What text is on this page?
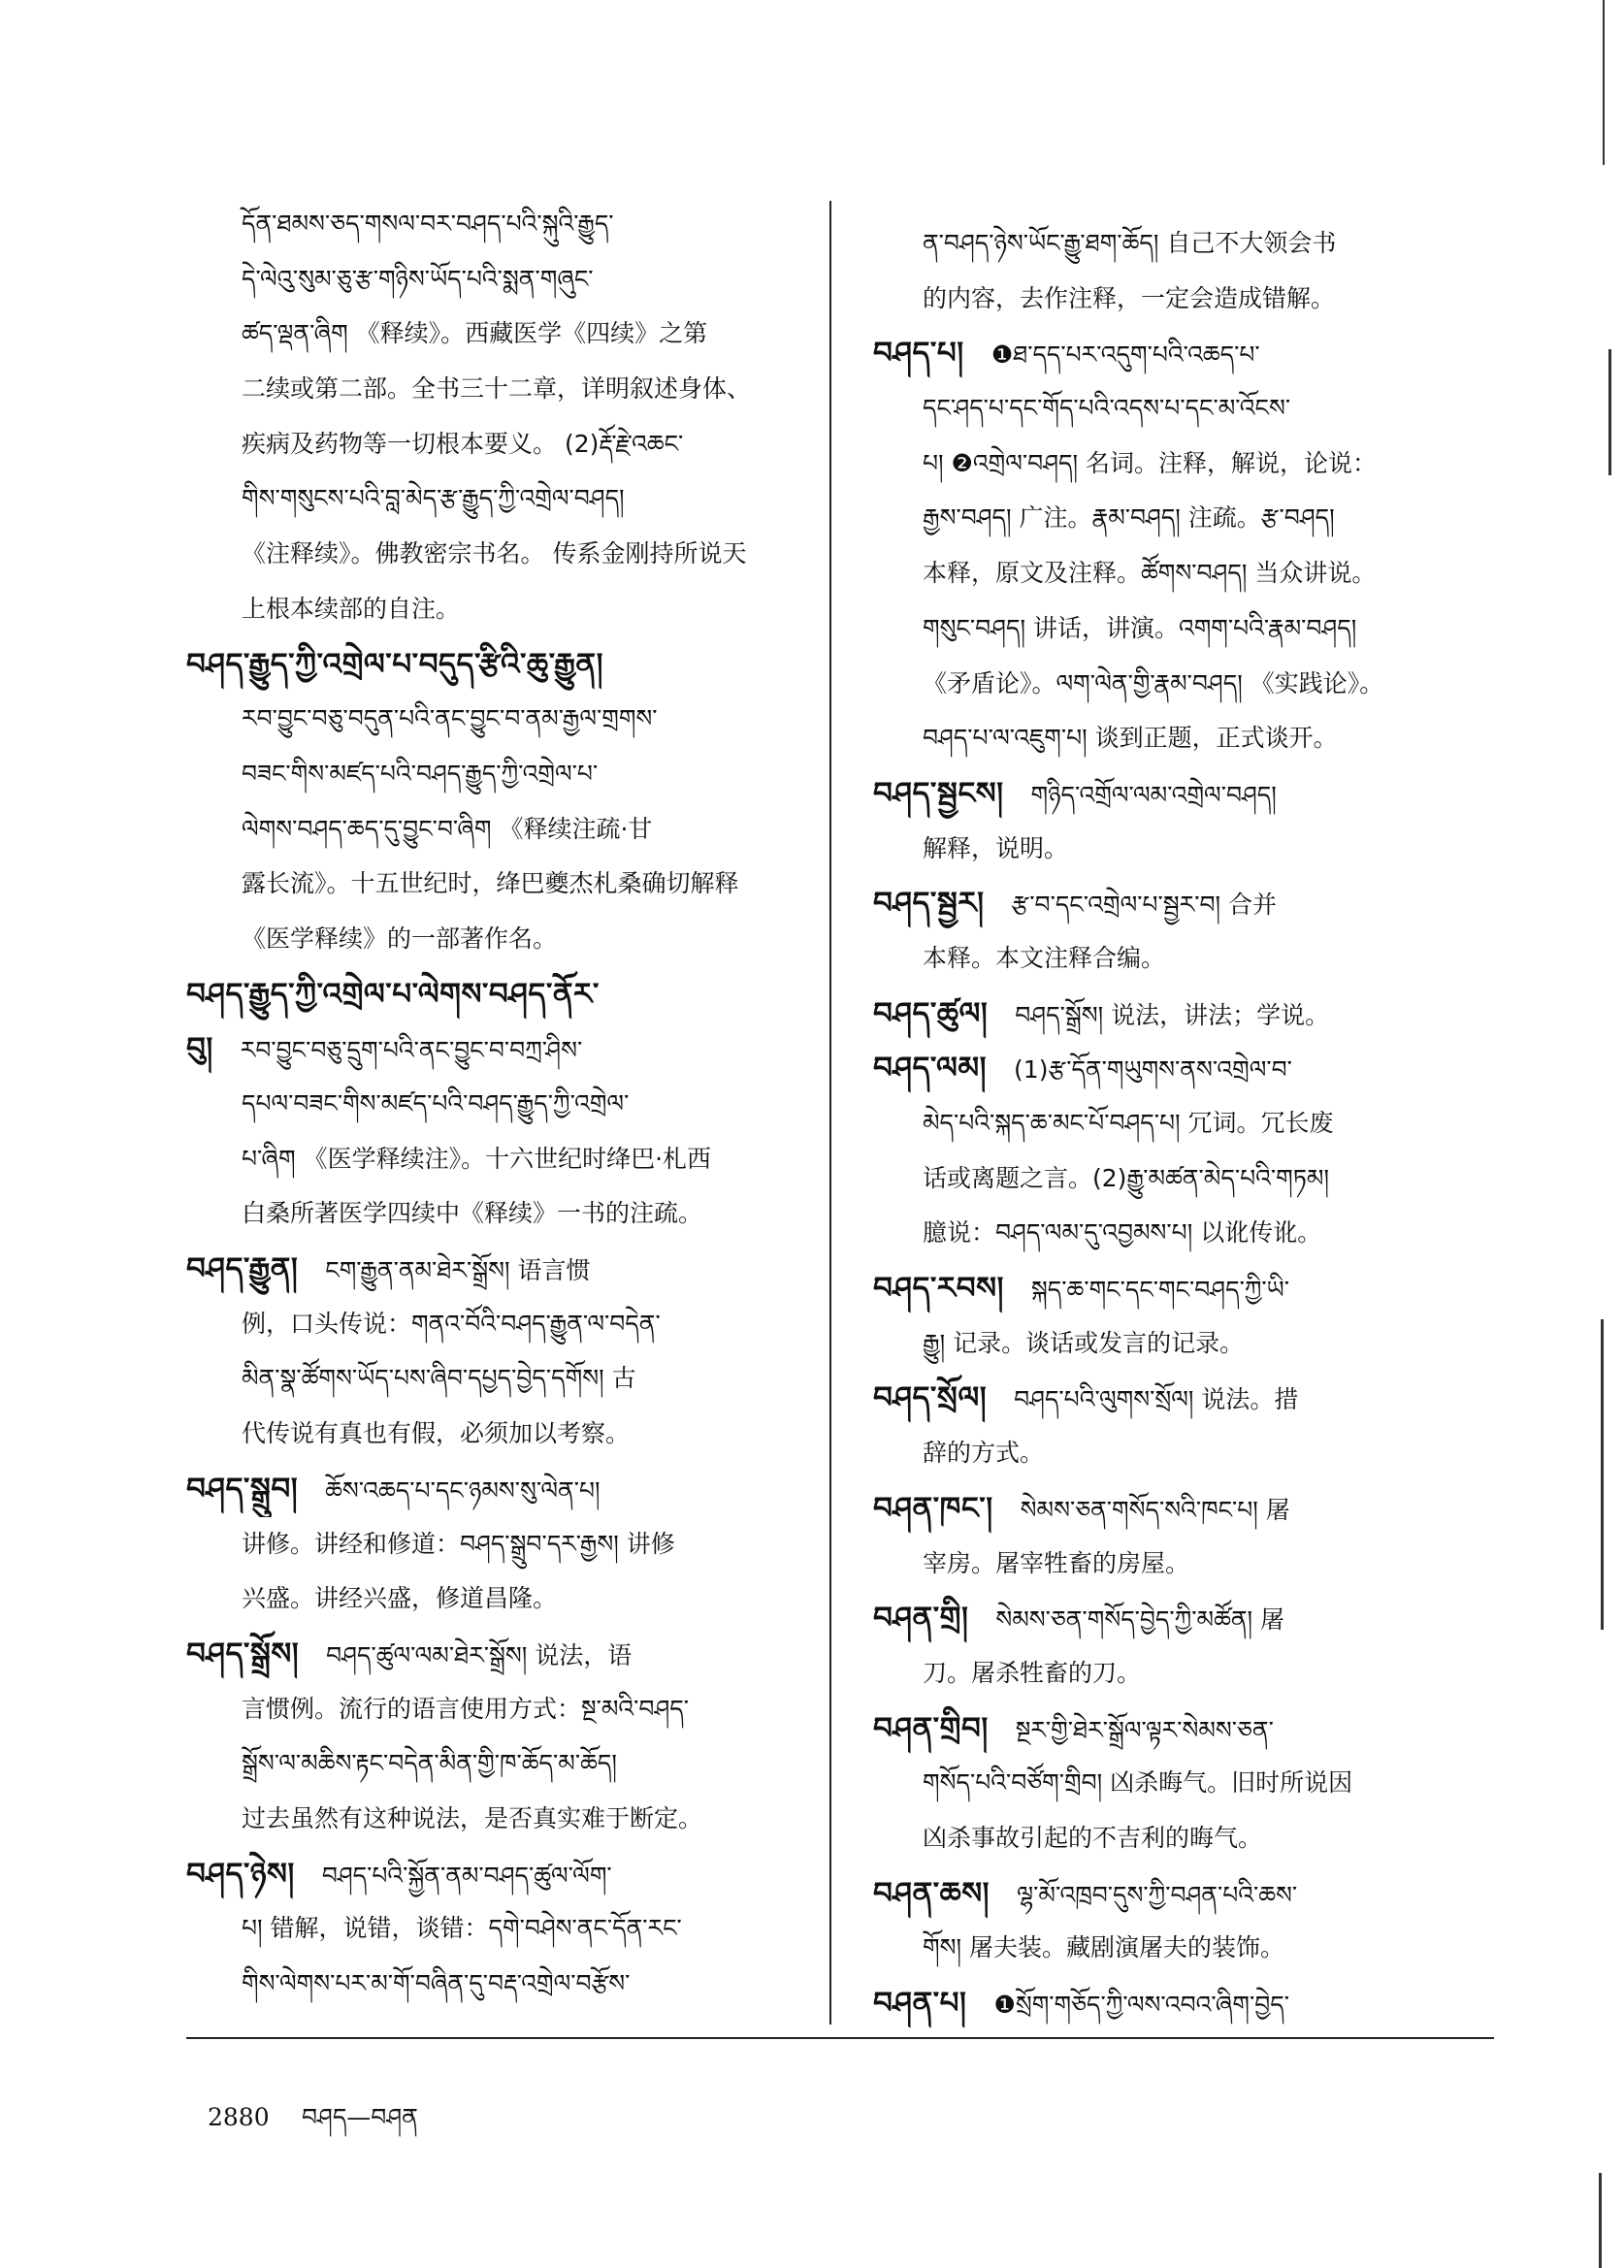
དོན་ཐམས་ཅད་གསལ་བར་བཤད་པའི་སྐུའི་རྒྱུད་
དེ་ལེའུ་སུམ་ཅུ་རྩ་གཉིས་ཡོད་པའི་སྨན་གཞུང་
ཚད་ལྡན་ཞིག 《释续》。西藏医学《四续》之第
二续或第二部。全书三十二章，详明叙述身体、
疾病及药物等一切根本要义。 (2)རྡོ་རྗེ་འཆང་
གིས་གསུངས་པའི་བླ་མེད་རྩ་རྒྱུད་ཀྱི་འགྲེལ་བཤད།
《注释续》。佛教密宗书名。 传系金刚持所说天
上根本续部的自注。
བཤད་རྒྱུད་ཀྱི་འགྲེལ་པ་བདུད་རྩིའི་ཆུ་རྒྱུན།
རབ་བྱུང་བཅུ་བདུན་པའི་ནང་བྱུང་བ་ནམ་རྒྱལ་གྲགས་
བཟང་གིས་མཛད་པའི་བཤད་རྒྱུད་ཀྱི་འགྲེལ་པ་
ལེགས་བཤད་ཆད་དུ་བྱུང་བ་ཞིག 《释续注疏·甘
露长流》。十五世纪时，绛巴夔杰札桑确切解释
《医学释续》的一部著作名。
བཤད་རྒྱུད་ཀྱི་འགྲེལ་པ་ལེགས་བཤད་ནོར་
བུ། རབ་བྱུང་བཅུ་དྲུག་པའི་ནང་བྱུང་བ་བཀྲ་ཤིས་
དཔལ་བཟང་གིས་མཛད་པའི་བཤད་རྒྱུད་ཀྱི་འགྲེལ་
པ་ཞིག 《医学释续注》。十六世纪时绛巴·札西
白桑所著医学四续中《释续》一书的注疏。
བཤད་རྒྱུན། ངག་རྒྱུན་ནམ་ཐེར་སྒྲོས། 语言惯
例，口头传说：གནའ་བོའི་བཤད་རྒྱུན་ལ་བདེན་
མིན་སྣ་ཚོགས་ཡོད་པས་ཞིབ་དཔྱད་བྱེད་དགོས། 古
代传说有真也有假，必须加以考察。
བཤད་སྒྲུབ། ཆོས་འཆད་པ་དང་ཉམས་སུ་ལེན་པ།
讲修。讲经和修道：བཤད་སྒྲུབ་དར་རྒྱས། 讲修
兴盛。讲经兴盛，修道昌隆。
བཤད་སྒྲོས། བཤད་ཚུལ་ལམ་ཐེར་སྒྲོས། 说法，语
言惯例。流行的语言使用方式：སྔ་མའི་བཤད་
སྒྲོས་ལ་མཆིས་རྟང་བདེན་མིན་གྱི་ཁ་ཆོད་མ་ཆོད།
过去虽然有这种说法，是否真实难于断定。
བཤད་ཉེས། བཤད་པའི་སྐྱོན་ནམ་བཤད་ཚུལ་ལོག་
པ། 错解，说错，谈错：དགེ་བཤེས་ནང་དོན་རང་
གིས་ལེགས་པར་མ་གོ་བཞིན་དུ་བརྡ་འགྲེལ་བརྩོས་
ན་བཤད་ཉེས་ཡོང་རྒྱུ་ཐག་ཆོད། 自己不大领会书
的内容，去作注释，一定会造成错解。
བཤད་པ། ❶ཐ་དད་པར་འདུག་པའི་འཆད་པ་
དང་ཤད་པ་དང་གོད་པའི་འདས་པ་དང་མ་འོངས་
པ། ❷འགྲེལ་བཤད། 名词。注释，解说，论说：
རྒྱས་བཤད། 广注。རྣམ་བཤད། 注疏。རྩ་བཤད།
本释，原文及注释。ཚོགས་བཤད། 当众讲说。
གསུང་བཤད། 讲话，讲演。འགག་པའི་རྣམ་བཤད།
《矛盾论》。ལག་ལེན་གྱི་རྣམ་བཤད། 《实践论》。
བཤད་པ་ལ་འཇུག་པ། 谈到正题，正式谈开。
བཤད་སྦྱངས། གཉིད་འགྲོལ་ལམ་འགྲེལ་བཤད།
解释，说明。
བཤད་སྦྱར། རྩ་བ་དང་འགྲེལ་པ་སྦྱར་བ། 合并
本释。本文注释合编。
བཤད་ཚུལ། བཤད་སྒྲོས། 说法，讲法；学说。
བཤད་ལམ། (1)རྩ་དོན་གཡུགས་ནས་འགྲེལ་བ་
མེད་པའི་སྐད་ཆ་མང་པོ་བཤད་པ། 冗词。冗长废
话或离题之言。(2)རྒྱུ་མཚན་མེད་པའི་གཏམ།
臆说：བཤད་ལམ་དུ་འབྱམས་པ། 以讹传讹。
བཤད་རབས། སྐད་ཆ་གང་དང་གང་བཤད་ཀྱི་ཡི་
རྒྱུ། 记录。谈话或发言的记录。
བཤད་སྲོལ། བཤད་པའི་ལུགས་སྲོལ། 说法。措
辞的方式。
བཤན་ཁང་། སེམས་ཅན་གསོད་སའི་ཁང་པ། 屠
宰房。屠宰牲畜的房屋。
བཤན་གྲི། སེམས་ཅན་གསོད་བྱེད་ཀྱི་མཚོན། 屠
刀。屠杀牲畜的刀。
བཤན་གྲིབ། སྔར་གྱི་ཐེར་སྒྲོལ་ལྟར་སེམས་ཅན་
གསོད་པའི་བཙོག་གྲིབ། 凶杀晦气。旧时所说因
凶杀事故引起的不吉利的晦气。
བཤན་ཆས། ལྷ་མོ་འཁྲབ་དུས་ཀྱི་བཤན་པའི་ཆས་
གོས། 屠夫装。藏剧演屠夫的装饰。
བཤན་པ། ❶སྲོག་གཅོད་ཀྱི་ལས་འབའ་ཞིག་བྱེད་
2880 བཤད—བཤན
